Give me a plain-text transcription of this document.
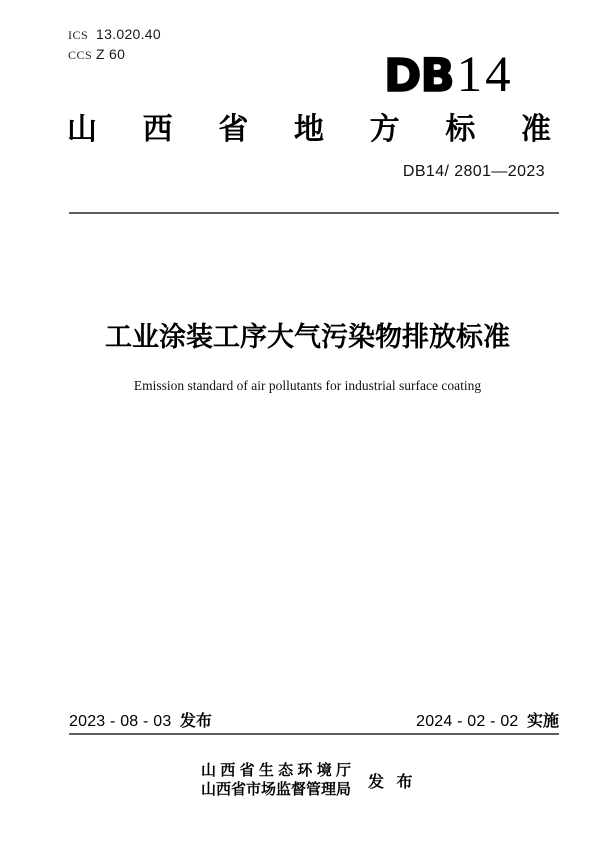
ICS 13.020.40
CCS Z 60	DB 14
山西省地方标准
DB14/ 2801—2023
工业涂装工序大气污染物排放标准
Emission standard of air pollutants for industrial surface coating
2023 - 08 - 03 发布	2024 - 02 - 02 实施
山西省生态环境厅
山西省市场监督管理局 发 布
